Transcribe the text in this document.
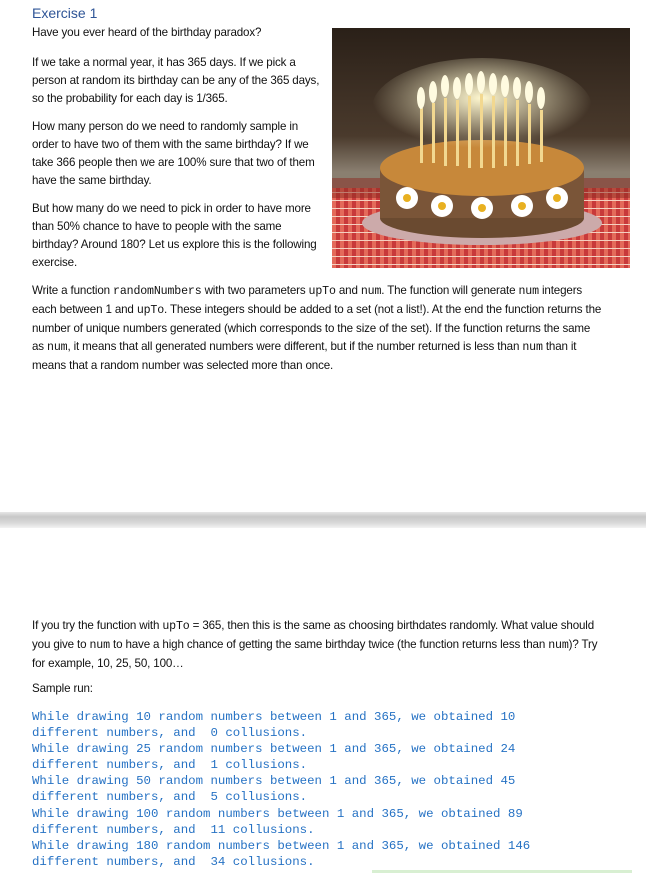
Exercise 1

Have you ever heard of the birthday paradox?

If we take a normal year, it has 365 days. If we pick a person at random its birthday can be any of the 365 days, so the probability for each day is 1/365.

How many person do we need to randomly sample in order to have two of them with the same birthday? If we take 366 people then we are 100% sure that two of them have the same birthday.

But how many do we need to pick in order to have more than 50% chance to have to people with the same birthday? Around 180? Let us explore this is the following exercise.

Write a function randomNumbers with two parameters upTo and num. The function will generate num integers each between 1 and upTo. These integers should be added to a set (not a list!). At the end the function returns the number of unique numbers generated (which corresponds to the size of the set). If the function returns the same as num, it means that all generated numbers were different, but if the number returned is less than num than it means that a random number was selected more than once.

If you try the function with upTo = 365, then this is the same as choosing birthdates randomly. What value should you give to num to have a high chance of getting the same birthday twice (the function returns less than num)? Try for example, 10, 25, 50, 100…

Sample run:

While drawing 10 random numbers between 1 and 365, we obtained 10
different numbers, and  0 collusions.
While drawing 25 random numbers between 1 and 365, we obtained 24
different numbers, and  1 collusions.
While drawing 50 random numbers between 1 and 365, we obtained 45
different numbers, and  5 collusions.
While drawing 100 random numbers between 1 and 365, we obtained 89
different numbers, and  11 collusions.
While drawing 180 random numbers between 1 and 365, we obtained 146
different numbers, and  34 collusions.
